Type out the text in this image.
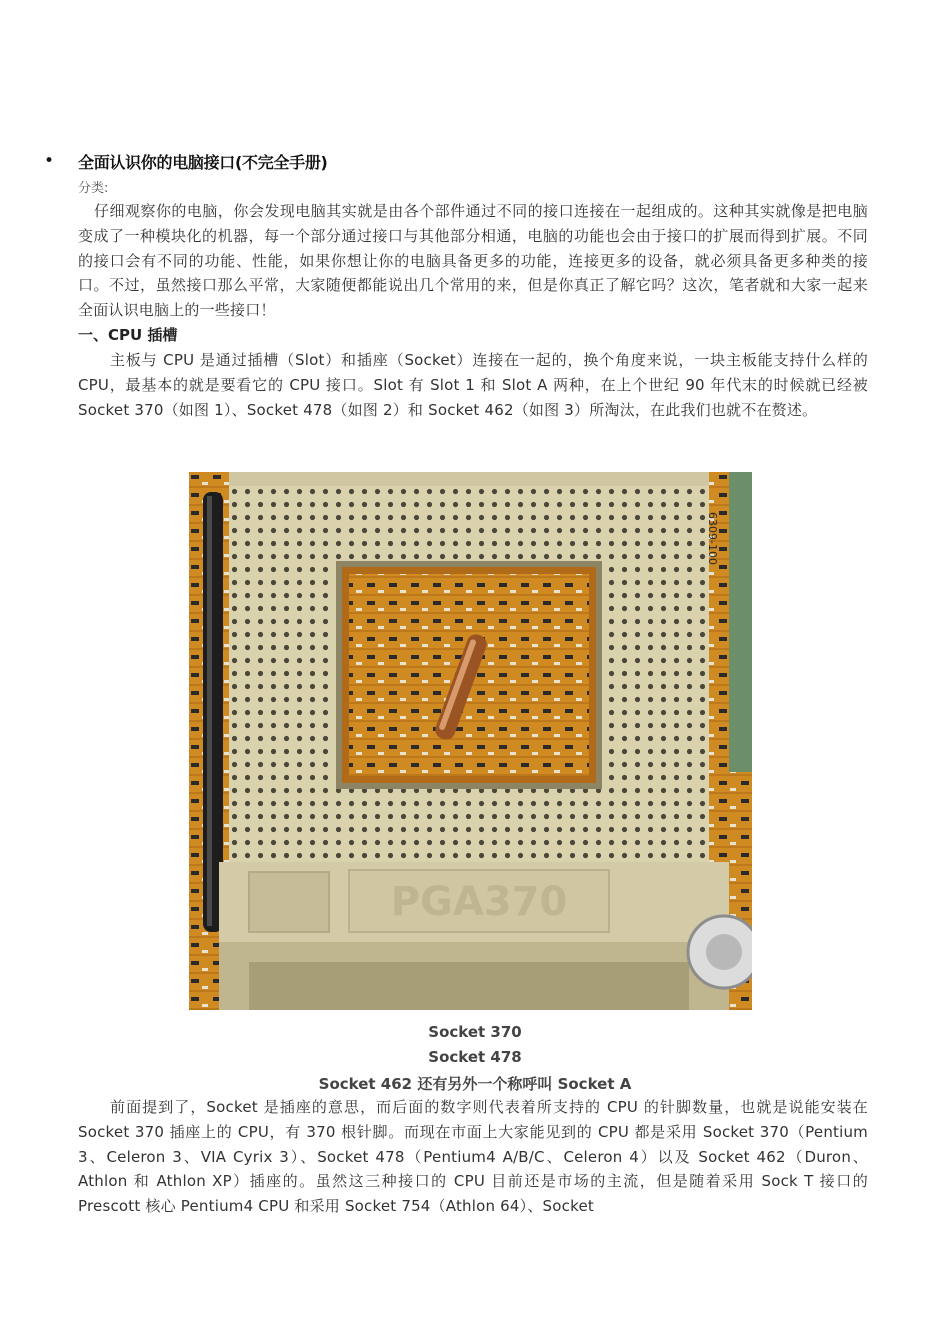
• 全面认识你的电脑接口(不完全手册)
分类:
仔细观察你的电脑，你会发现电脑其实就是由各个部件通过不同的接口连接在一起组成的。这种其实就像是把电脑变成了一种模块化的机器，每一个部分通过接口与其他部分相通，电脑的功能也会由于接口的扩展而得到扩展。不同的接口会有不同的功能、性能，如果你想让你的电脑具备更多的功能，连接更多的设备，就必须具备更多种类的接口。不过，虽然接口那么平常，大家随便都能说出几个常用的来，但是你真正了解它吗？这次，笔者就和大家一起来全面认识电脑上的一些接口！
一、CPU 插槽
主板与 CPU 是通过插槽（Slot）和插座（Socket）连接在一起的，换个角度来说，一块主板能支持什么样的 CPU，最基本的就是要看它的 CPU 接口。Slot 有 Slot 1 和 Slot A 两种，在上个世纪 90 年代末的时候就已经被 Socket 370（如图 1）、Socket 478（如图 2）和 Socket 462（如图 3）所淘汰，在此我们也就不在赘述。
PGA370
6309-100
Socket 370
Socket 478
Socket 462 还有另外一个称呼叫 Socket A
前面提到了，Socket 是插座的意思，而后面的数字则代表着所支持的 CPU 的针脚数量，也就是说能安装在 Socket 370 插座上的 CPU，有 370 根针脚。而现在市面上大家能见到的 CPU 都是采用 Socket 370（Pentium 3、Celeron 3、VIA Cyrix 3）、Socket 478（Pentium4 A/B/C、Celeron 4）以及 Socket 462（Duron、Athlon 和 Athlon XP）插座的。虽然这三种接口的 CPU 目前还是市场的主流，但是随着采用 Sock T 接口的 Prescott 核心 Pentium4 CPU 和采用 Socket 754（Athlon 64）、Socket
